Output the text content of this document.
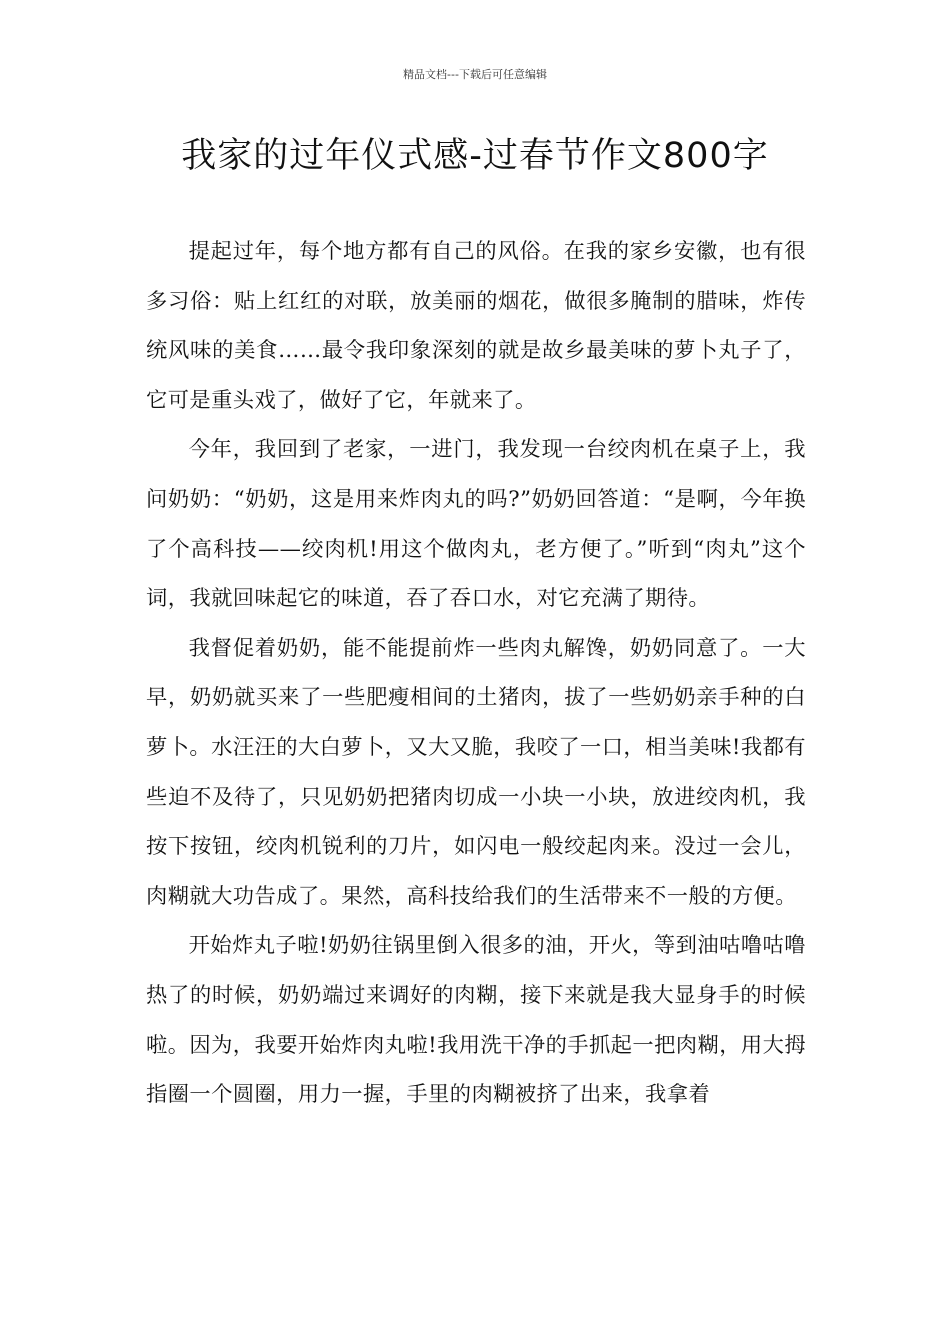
精品文档---下载后可任意编辑
我家的过年仪式感-过春节作文800字

提起过年，每个地方都有自己的风俗。在我的家乡安徽，也有很多习俗：贴上红红的对联，放美丽的烟花，做很多腌制的腊味，炸传统风味的美食……最令我印象深刻的就是故乡最美味的萝卜丸子了，它可是重头戏了，做好了它，年就来了。

今年，我回到了老家，一进门，我发现一台绞肉机在桌子上，我问奶奶：“奶奶，这是用来炸肉丸的吗?”奶奶回答道：“是啊，今年换了个高科技——绞肉机!用这个做肉丸，老方便了。”听到“肉丸”这个词，我就回味起它的味道，吞了吞口水，对它充满了期待。

我督促着奶奶，能不能提前炸一些肉丸解馋，奶奶同意了。一大早，奶奶就买来了一些肥瘦相间的土猪肉，拔了一些奶奶亲手种的白萝卜。水汪汪的大白萝卜，又大又脆，我咬了一口，相当美味!我都有些迫不及待了，只见奶奶把猪肉切成一小块一小块，放进绞肉机，我按下按钮，绞肉机锐利的刀片，如闪电一般绞起肉来。没过一会儿，肉糊就大功告成了。果然，高科技给我们的生活带来不一般的方便。

开始炸丸子啦!奶奶往锅里倒入很多的油，开火，等到油咕噜咕噜热了的时候，奶奶端过来调好的肉糊，接下来就是我大显身手的时候啦。因为，我要开始炸肉丸啦!我用洗干净的手抓起一把肉糊，用大拇指圈一个圆圈，用力一握，手里的肉糊被挤了出来，我拿着
